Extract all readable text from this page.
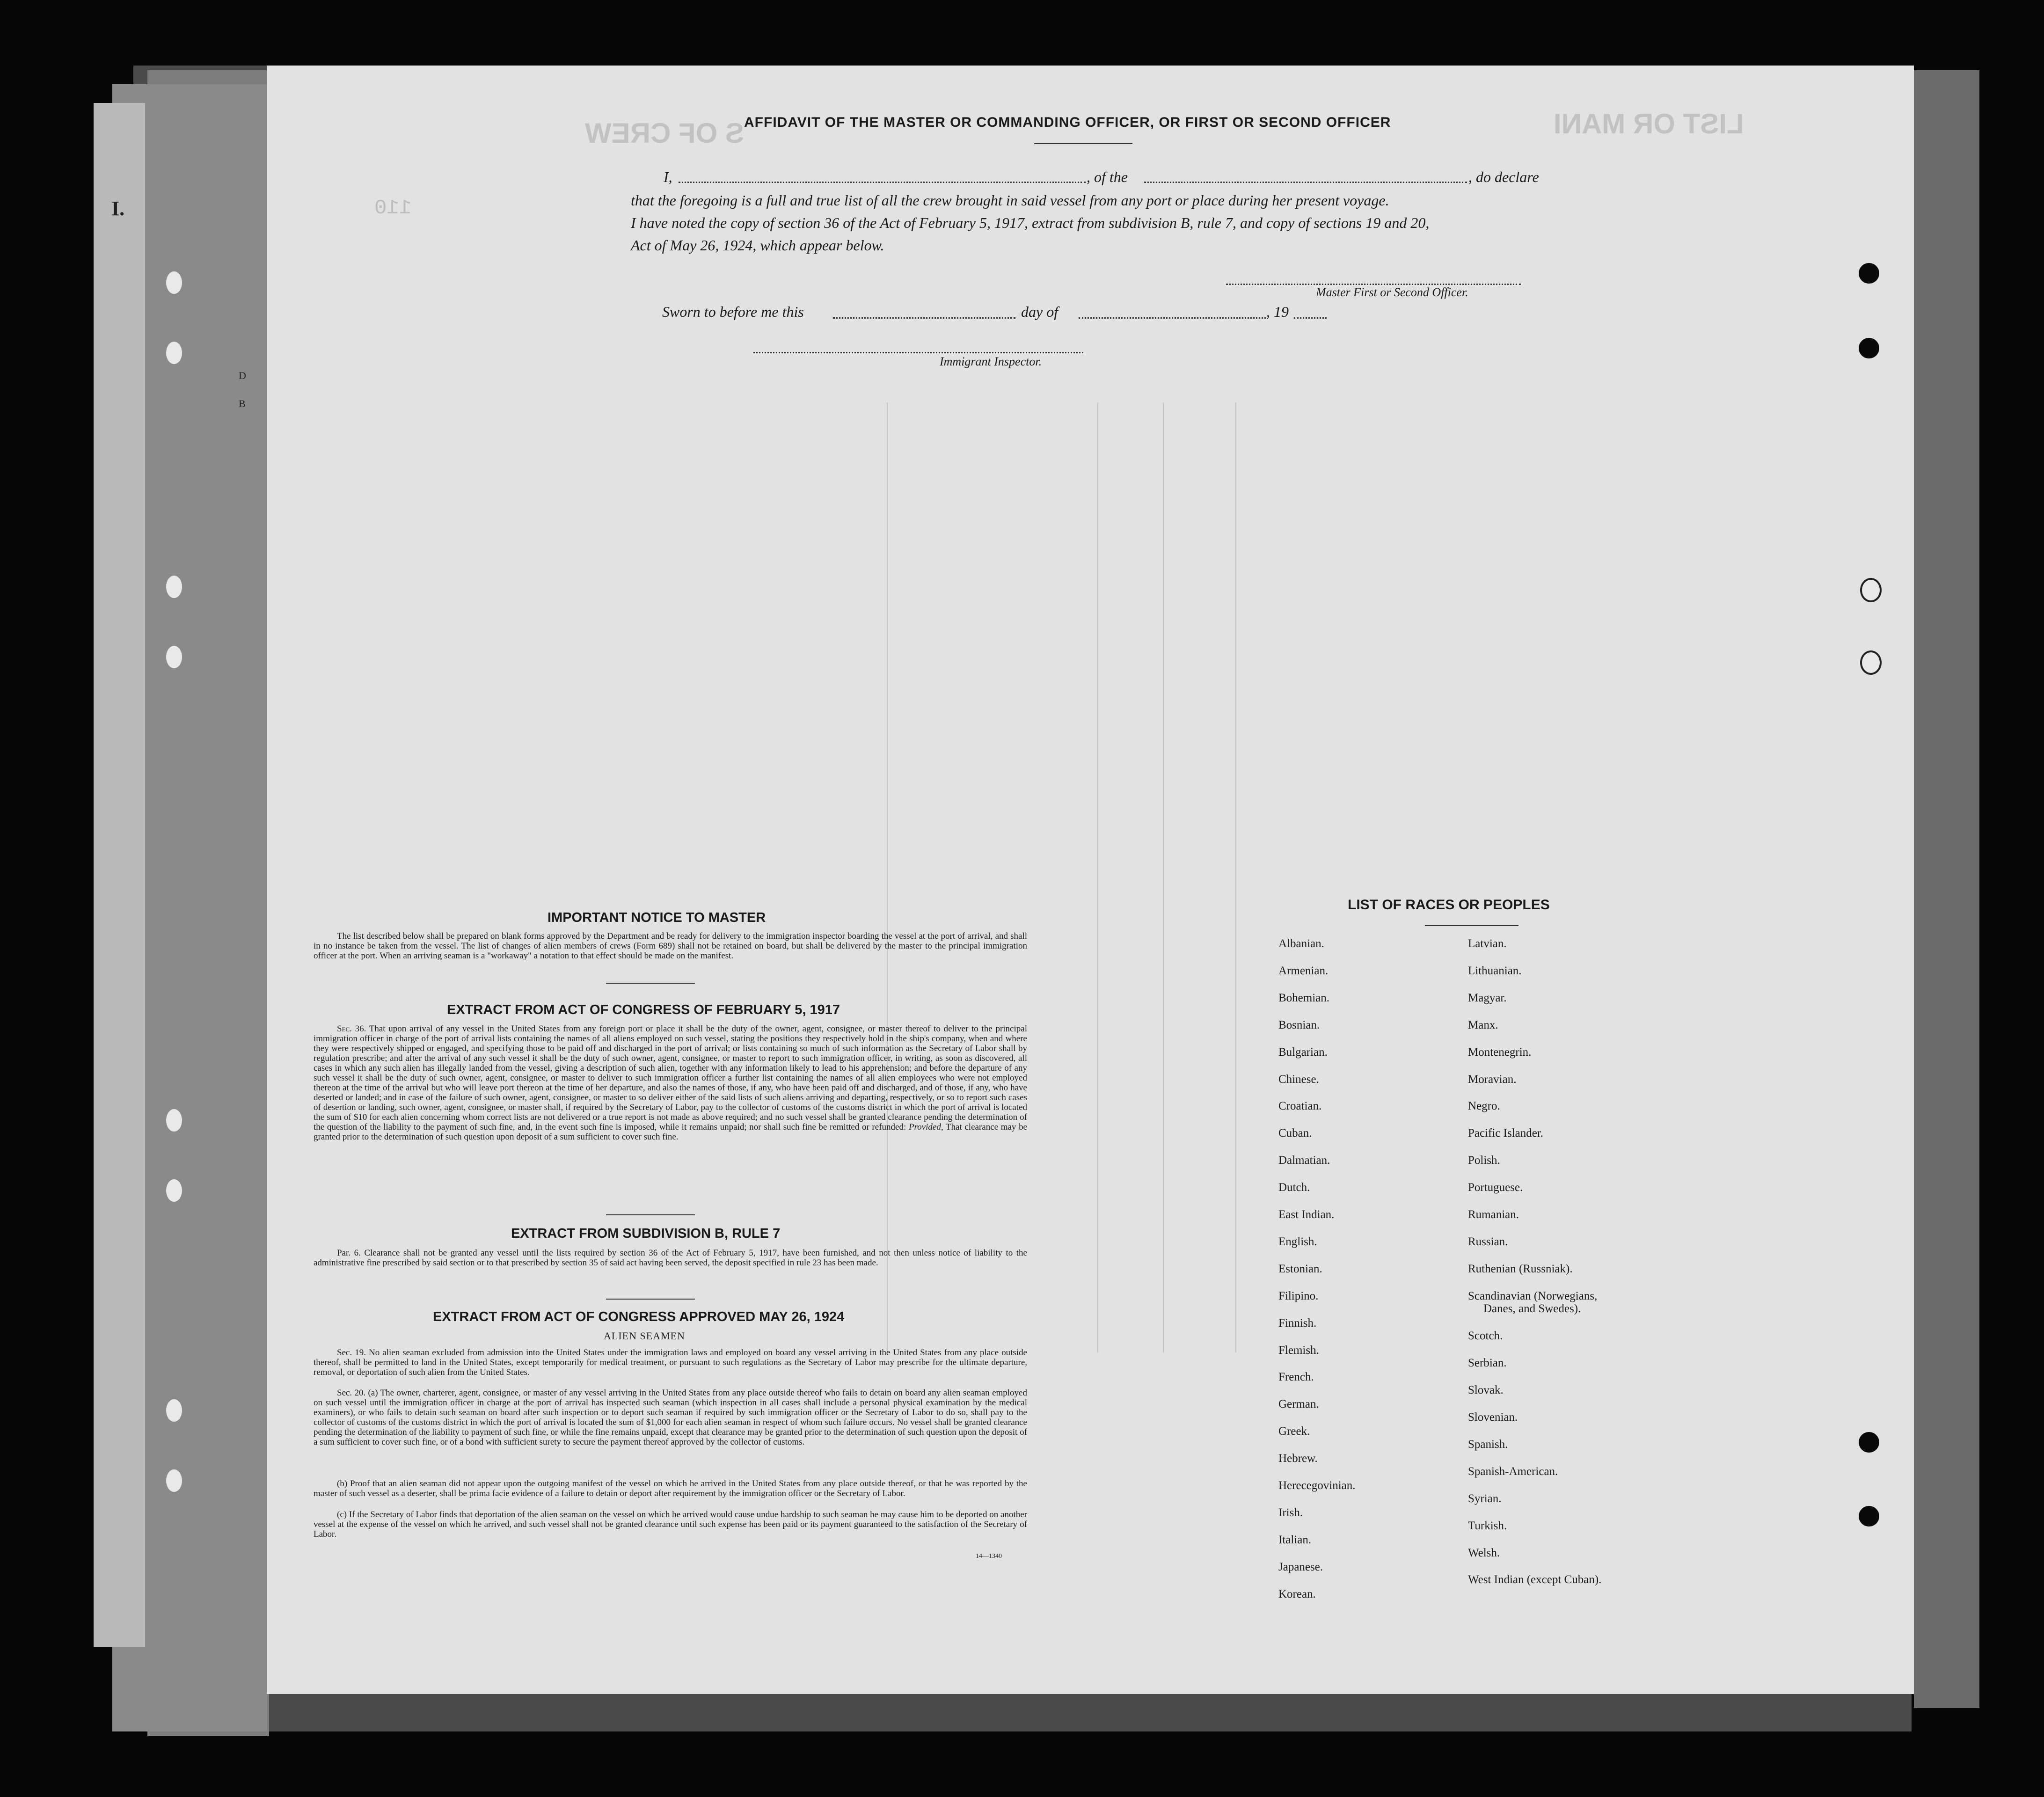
I.
D
B
S OF CREW	LIST OR MANI
110
AFFIDAVIT OF THE MASTER OR COMMANDING OFFICER, OR FIRST OR SECOND OFFICER
I,	, of the	, do declare
that the foregoing is a full and true list of all the crew brought in said vessel from any port or place during her present voyage.
I have noted the copy of section 36 of the Act of February 5, 1917, extract from subdivision B, rule 7, and copy of sections 19 and 20,
Act of May 26, 1924, which appear below.
Master First or Second Officer.
Sworn to before me this	day of	, 19
Immigrant Inspector.
IMPORTANT NOTICE TO MASTER
The list described below shall be prepared on blank forms approved by the Department and be ready for delivery to the immigration inspector boarding the vessel at the port of arrival, and shall in no instance be taken from the vessel. The list of changes of alien members of crews (Form 689) shall not be retained on board, but shall be delivered by the master to the principal immigration officer at the port. When an arriving seaman is a "workaway" a notation to that effect should be made on the manifest.
EXTRACT FROM ACT OF CONGRESS OF FEBRUARY 5, 1917
Sec. 36. That upon arrival of any vessel in the United States from any foreign port or place it shall be the duty of the owner, agent, consignee, or master thereof to deliver to the principal immigration officer in charge of the port of arrival lists containing the names of all aliens employed on such vessel, stating the positions they respectively hold in the ship's company, when and where they were respectively shipped or engaged, and specifying those to be paid off and discharged in the port of arrival; or lists containing so much of such information as the Secretary of Labor shall by regulation prescribe; and after the arrival of any such vessel it shall be the duty of such owner, agent, consignee, or master to report to such immigration officer, in writing, as soon as discovered, all cases in which any such alien has illegally landed from the vessel, giving a description of such alien, together with any information likely to lead to his apprehension; and before the departure of any such vessel it shall be the duty of such owner, agent, consignee, or master to deliver to such immigration officer a further list containing the names of all alien employees who were not employed thereon at the time of the arrival but who will leave port thereon at the time of her departure, and also the names of those, if any, who have been paid off and discharged, and of those, if any, who have deserted or landed; and in case of the failure of such owner, agent, consignee, or master to so deliver either of the said lists of such aliens arriving and departing, respectively, or so to report such cases of desertion or landing, such owner, agent, consignee, or master shall, if required by the Secretary of Labor, pay to the collector of customs of the customs district in which the port of arrival is located the sum of $10 for each alien concerning whom correct lists are not delivered or a true report is not made as above required; and no such vessel shall be granted clearance pending the determination of the question of the liability to the payment of such fine, and, in the event such fine is imposed, while it remains unpaid; nor shall such fine be remitted or refunded: Provided, That clearance may be granted prior to the determination of such question upon deposit of a sum sufficient to cover such fine.
EXTRACT FROM SUBDIVISION B, RULE 7
Par. 6. Clearance shall not be granted any vessel until the lists required by section 36 of the Act of February 5, 1917, have been furnished, and not then unless notice of liability to the administrative fine prescribed by said section or to that prescribed by section 35 of said act having been served, the deposit specified in rule 23 has been made.
EXTRACT FROM ACT OF CONGRESS APPROVED MAY 26, 1924
ALIEN SEAMEN
Sec. 19. No alien seaman excluded from admission into the United States under the immigration laws and employed on board any vessel arriving in the United States from any place outside thereof, shall be permitted to land in the United States, except temporarily for medical treatment, or pursuant to such regulations as the Secretary of Labor may prescribe for the ultimate departure, removal, or deportation of such alien from the United States.
Sec. 20. (a) The owner, charterer, agent, consignee, or master of any vessel arriving in the United States from any place outside thereof who fails to detain on board any alien seaman employed on such vessel until the immigration officer in charge at the port of arrival has inspected such seaman (which inspection in all cases shall include a personal physical examination by the medical examiners), or who fails to detain such seaman on board after such inspection or to deport such seaman if required by such immigration officer or the Secretary of Labor to do so, shall pay to the collector of customs of the customs district in which the port of arrival is located the sum of $1,000 for each alien seaman in respect of whom such failure occurs. No vessel shall be granted clearance pending the determination of the liability to payment of such fine, or while the fine remains unpaid, except that clearance may be granted prior to the determination of such question upon the deposit of a sum sufficient to cover such fine, or of a bond with sufficient surety to secure the payment thereof approved by the collector of customs.
(b) Proof that an alien seaman did not appear upon the outgoing manifest of the vessel on which he arrived in the United States from any place outside thereof, or that he was reported by the master of such vessel as a deserter, shall be prima facie evidence of a failure to detain or deport after requirement by the immigration officer or the Secretary of Labor.
(c) If the Secretary of Labor finds that deportation of the alien seaman on the vessel on which he arrived would cause undue hardship to such seaman he may cause him to be deported on another vessel at the expense of the vessel on which he arrived, and such vessel shall not be granted clearance until such expense has been paid or its payment guaranteed to the satisfaction of the Secretary of Labor.
14—1340
LIST OF RACES OR PEOPLES
Albanian.
Armenian.
Bohemian.
Bosnian.
Bulgarian.
Chinese.
Croatian.
Cuban.
Dalmatian.
Dutch.
East Indian.
English.
Estonian.
Filipino.
Finnish.
Flemish.
French.
German.
Greek.
Hebrew.
Herecegovinian.
Irish.
Italian.
Japanese.
Korean.
Latvian.
Lithuanian.
Magyar.
Manx.
Montenegrin.
Moravian.
Negro.
Pacific Islander.
Polish.
Portuguese.
Rumanian.
Russian.
Ruthenian (Russniak).
Scandinavian (Norwegians,
Danes, and Swedes).
Scotch.
Serbian.
Slovak.
Slovenian.
Spanish.
Spanish-American.
Syrian.
Turkish.
Welsh.
West Indian (except Cuban).
